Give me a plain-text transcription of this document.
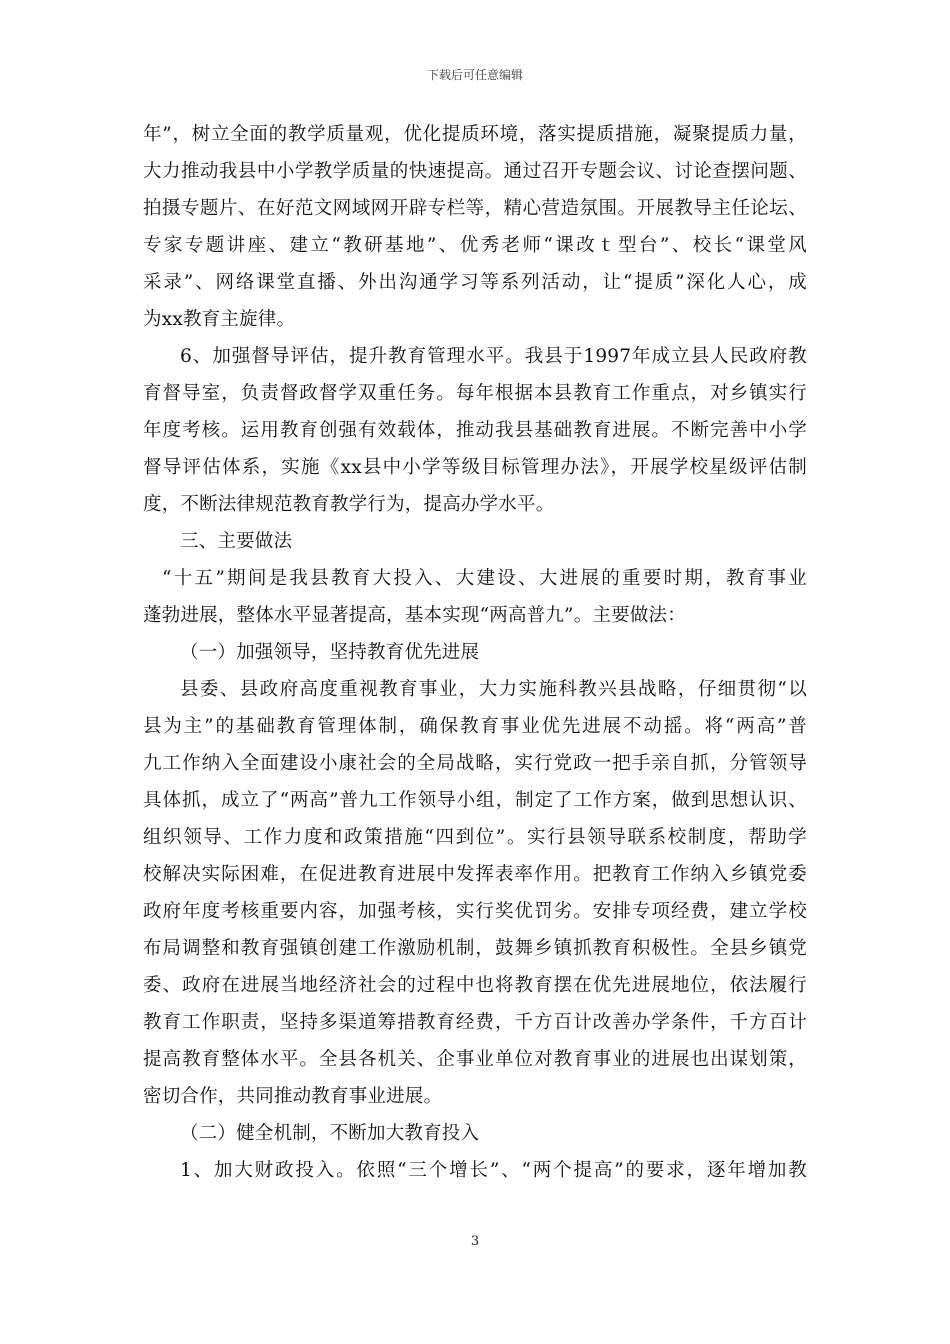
下载后可任意编辑
年”，树立全面的教学质量观，优化提质环境，落实提质措施，凝聚提质力量，
大力推动我县中小学教学质量的快速提高。通过召开专题会议、讨论查摆问题、
拍摄专题片、在好范文网域网开辟专栏等，精心营造氛围。开展教导主任论坛、
专家专题讲座、建立“教研基地”、优秀老师“课改ｔ型台”、校长“课堂风
采录”、网络课堂直播、外出沟通学习等系列活动，让“提质”深化人心，成
为xx教育主旋律。
6、加强督导评估，提升教育管理水平。我县于1997年成立县人民政府教
育督导室，负责督政督学双重任务。每年根据本县教育工作重点，对乡镇实行
年度考核。运用教育创强有效载体，推动我县基础教育进展。不断完善中小学
督导评估体系，实施《xx县中小学等级目标管理办法》，开展学校星级评估制
度，不断法律规范教育教学行为，提高办学水平。
三、主要做法
“十五”期间是我县教育大投入、大建设、大进展的重要时期，教育事业
蓬勃进展，整体水平显著提高，基本实现“两高普九”。主要做法：
（一）加强领导，坚持教育优先进展
县委、县政府高度重视教育事业，大力实施科教兴县战略，仔细贯彻“以
县为主”的基础教育管理体制，确保教育事业优先进展不动摇。将“两高”普
九工作纳入全面建设小康社会的全局战略，实行党政一把手亲自抓，分管领导
具体抓，成立了“两高”普九工作领导小组，制定了工作方案，做到思想认识、
组织领导、工作力度和政策措施“四到位”。实行县领导联系校制度，帮助学
校解决实际困难，在促进教育进展中发挥表率作用。把教育工作纳入乡镇党委
政府年度考核重要内容，加强考核，实行奖优罚劣。安排专项经费，建立学校
布局调整和教育强镇创建工作激励机制，鼓舞乡镇抓教育积极性。全县乡镇党
委、政府在进展当地经济社会的过程中也将教育摆在优先进展地位，依法履行
教育工作职责，坚持多渠道筹措教育经费，千方百计改善办学条件，千方百计
提高教育整体水平。全县各机关、企事业单位对教育事业的进展也出谋划策，
密切合作，共同推动教育事业进展。
（二）健全机制，不断加大教育投入
1、加大财政投入。依照“三个增长”、“两个提高”的要求，逐年增加教
3
